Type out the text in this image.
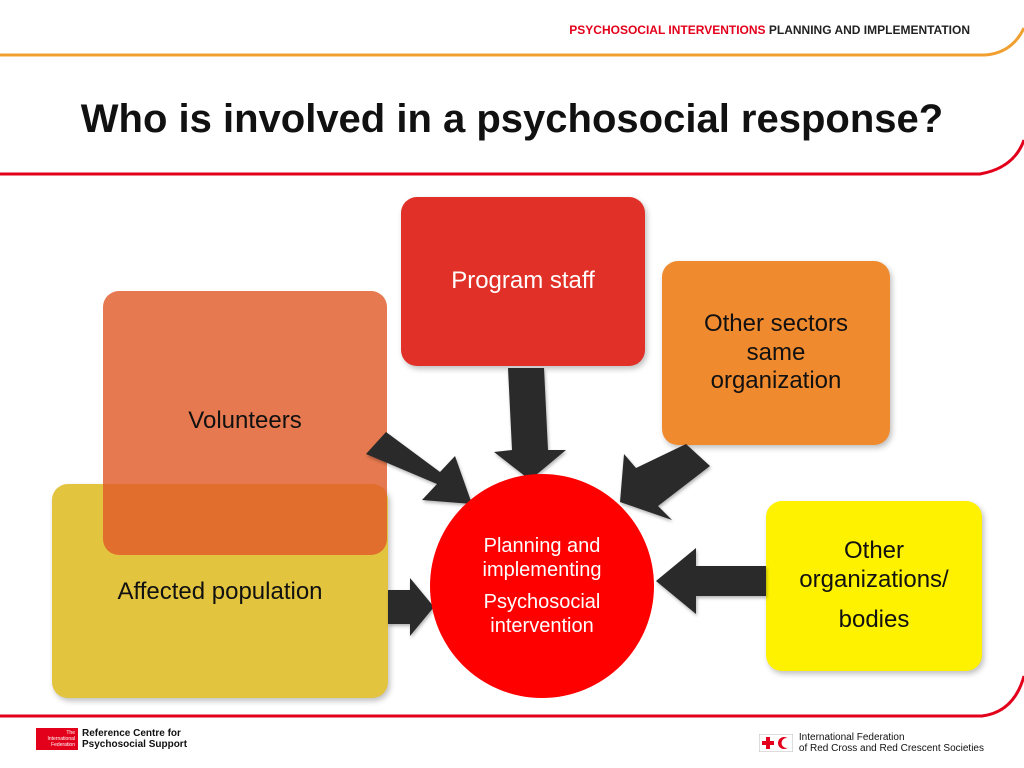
PSYCHOSOCIAL INTERVENTIONS PLANNING AND IMPLEMENTATION
Who is involved in a psychosocial response?
Affected population
Volunteers
Program staff
Other sectors same organization
Other organizations/
bodies
Planning and implementing
Psychosocial intervention
The International Federation
Reference Centre for
Psychosocial Support
International Federation
of Red Cross and Red Crescent Societies
